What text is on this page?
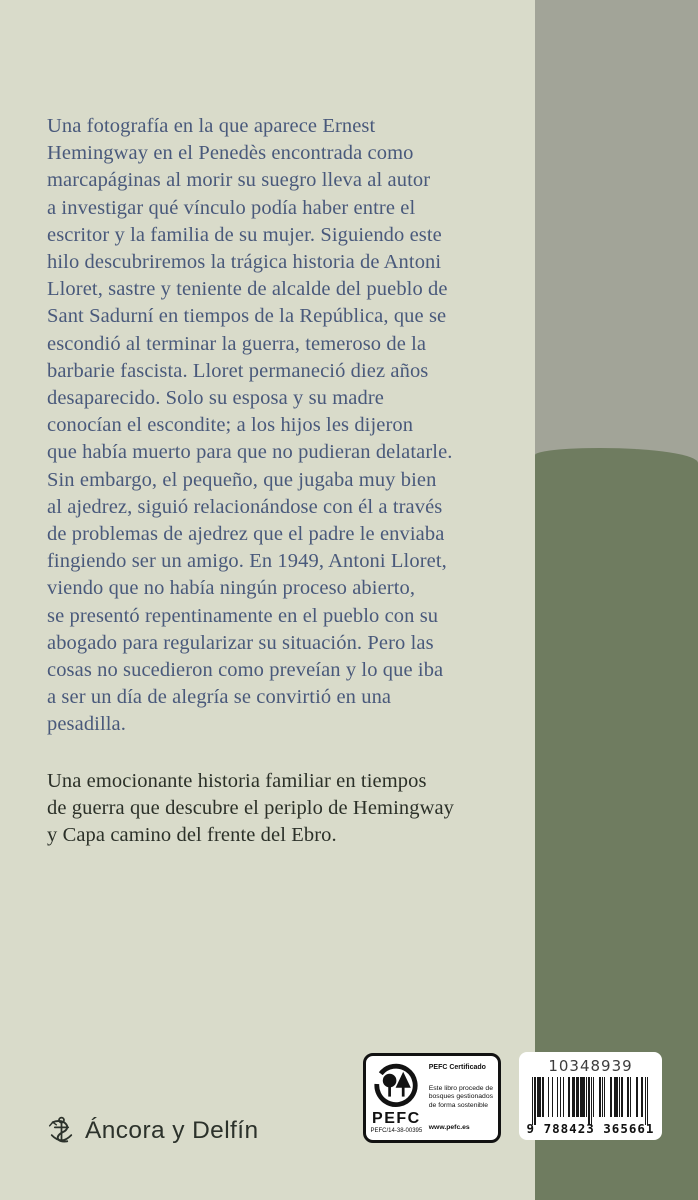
Una fotografía en la que aparece Ernest
Hemingway en el Penedès encontrada como
marcapáginas al morir su suegro lleva al autor
a investigar qué vínculo podía haber entre el
escritor y la familia de su mujer. Siguiendo este
hilo descubriremos la trágica historia de Antoni
Lloret, sastre y teniente de alcalde del pueblo de
Sant Sadurní en tiempos de la República, que se
escondió al terminar la guerra, temeroso de la
barbarie fascista. Lloret permaneció diez años
desaparecido. Solo su esposa y su madre
conocían el escondite; a los hijos les dijeron
que había muerto para que no pudieran delatarle.
Sin embargo, el pequeño, que jugaba muy bien
al ajedrez, siguió relacionándose con él a través
de problemas de ajedrez que el padre le enviaba
fingiendo ser un amigo. En 1949, Antoni Lloret,
viendo que no había ningún proceso abierto,
se presentó repentinamente en el pueblo con su
abogado para regularizar su situación. Pero las
cosas no sucedieron como preveían y lo que iba
a ser un día de alegría se convirtió en una
pesadilla.
Una emocionante historia familiar en tiempos
de guerra que descubre el periplo de Hemingway
y Capa camino del frente del Ebro.
Áncora y Delfín	PEFC
PEFC/14-38-00395
PEFC Certificado
Este libro procede de
bosques gestionados
de forma sostenible
www.pefc.es
10348939
9 788423 365661
